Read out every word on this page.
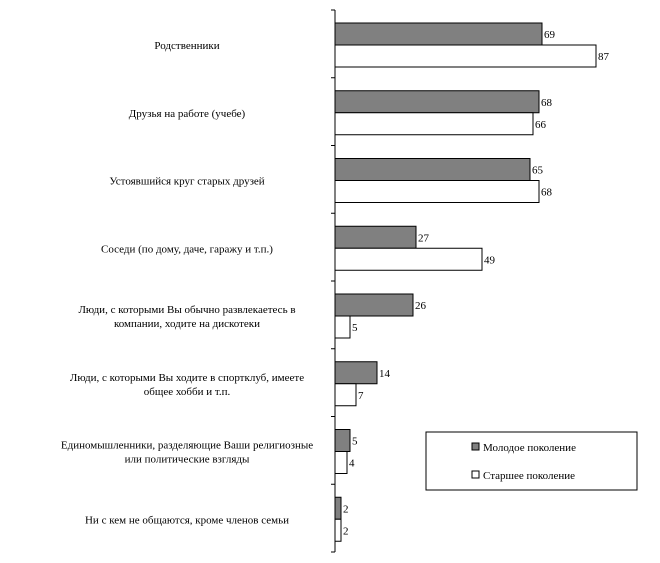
69
87
68
66
65
68
27
49
26
5
14
7
5
4
2
2
Родственники
Друзья на работе (учебе)
Устоявшийся круг старых друзей
Соседи (по дому, даче, гаражу и т.п.)
Люди, с которыми Вы обычно развлекаетесь в
компании, ходите на дискотеки
Люди, с которыми Вы ходите в спортклуб, имеете
общее хобби и т.п.
Единомышленники, разделяющие Ваши религиозные
или политические взгляды
Ни с кем не общаются, кроме членов семьи
Молодое поколение
Старшее поколение
